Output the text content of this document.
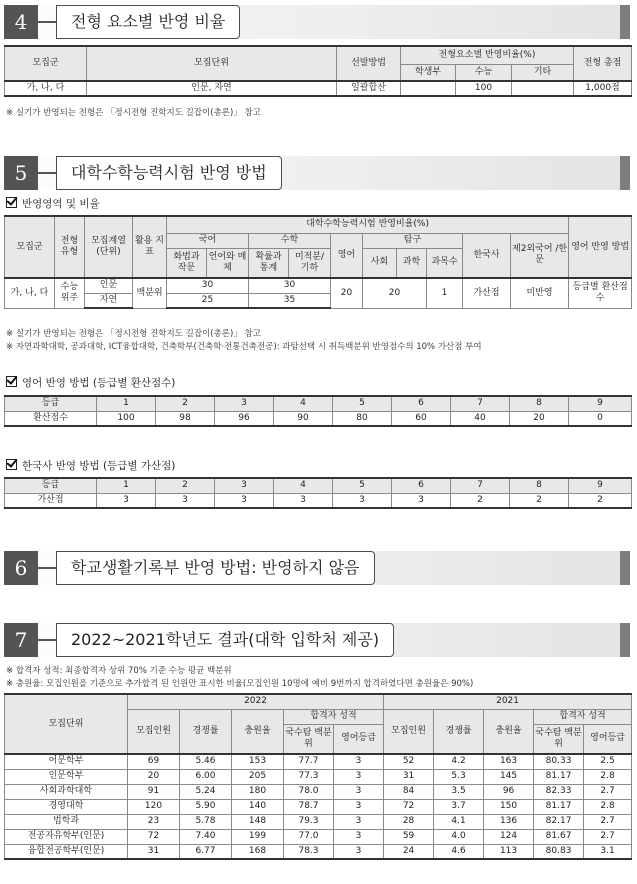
4	전형 요소별 반영 비율
모집군	모집단위	선발방법	전형요소별 반영비율(%)			전형 총점
			학생부	수능	기타	
가, 나, 다	인문, 자연	일괄합산		100		1,000점
※ 실기가 반영되는 전형은 「정시전형 진학지도 길잡이(총론)」 참고
5	대학수학능력시험 반영 방법
반영영역 및 비율
모집군	전형 유형	모집계열 (단위)	활용 지표	대학수학능력시험 반영비율(%)										영어 반영 방법
				국어		수학		영어	탐구			한국사	제2외국어 /한문	
				화법과 작문	언어와 매체	확률과 통계	미적분/ 기하		사회	과학	과목수			
가, 나, 다	수능 위주	인문	백분위	30		30		20	20		1	가산점	미반영	등급별 환산점수
		자연		25		35								
※ 실기가 반영되는 전형은 「정시전형 진학지도 길잡이(총론)」 참고
※ 자연과학대학, 공과대학, ICT융합대학, 건축학부(건축학·전통건축전공): 과탐선택 시 취득백분위 반영점수의 10% 가산점 부여
영어 반영 방법 (등급별 환산점수)
등급	1	2	3	4	5	6	7	8	9
환산점수	100	98	96	90	80	60	40	20	0
한국사 반영 방법 (등급별 가산점)
등급	1	2	3	4	5	6	7	8	9
가산점	3	3	3	3	3	3	2	2	2
6	학교생활기록부 반영 방법: 반영하지 않음
7	2022~2021학년도 결과(대학 입학처 제공)
※ 합격자 성적: 최종합격자 상위 70% 기준 수능 평균 백분위
※ 충원율: 모집인원을 기준으로 추가합격 된 인원만 표시한 비율(모집인원 10명에 예비 9번까지 합격하였다면 충원율은 90%)
모집단위	2022					2021				
	모집인원	경쟁률	충원율	합격자 성적		모집인원	경쟁률	충원율	합격자 성적	
				국수탐 백분위	영어등급				국수탐 백분위	영어등급
어문학부	69	5.46	153	77.7	3	52	4.2	163	80.33	2.5
인문학부	20	6.00	205	77.3	3	31	5.3	145	81.17	2.8
사회과학대학	91	5.24	180	78.0	3	84	3.5	96	82.33	2.7
경영대학	120	5.90	140	78.7	3	72	3.7	150	81.17	2.8
법학과	23	5.78	148	79.3	3	28	4.1	136	82.17	2.7
전공자유학부(인문)	72	7.40	199	77.0	3	59	4.0	124	81.67	2.7
융합전공학부(인문)	31	6.77	168	78.3	3	24	4.6	113	80.83	3.1
